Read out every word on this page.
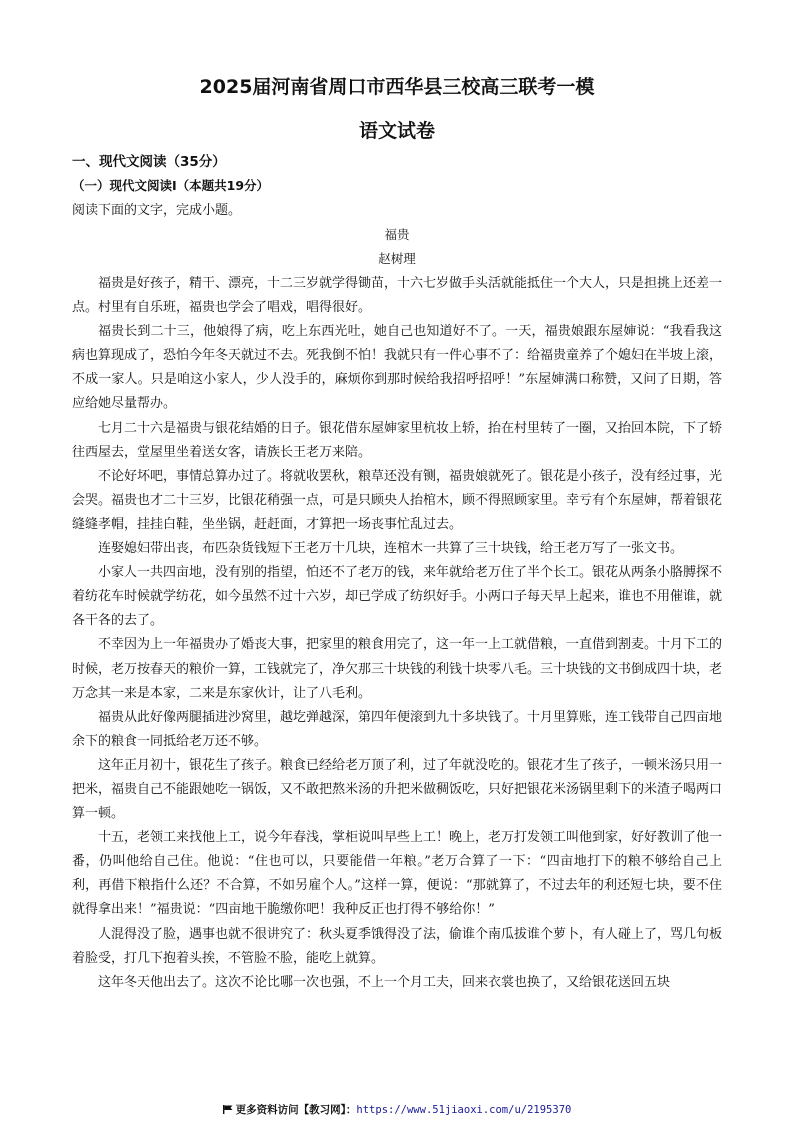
2025届河南省周口市西华县三校高三联考一模
语文试卷
一、现代文阅读（35分）
（一）现代文阅读Ⅰ（本题共19分）
阅读下面的文字，完成小题。
福贵
赵树理

福贵是好孩子，精干、漂亮，十二三岁就学得锄苗，十六七岁做手头活就能抵住一个大人，只是担挑上还差一点。村里有自乐班，福贵也学会了唱戏，唱得很好。

福贵长到二十三，他娘得了病，吃上东西光吐，她自己也知道好不了。一天，福贵娘跟东屋婶说：“我看我这病也算现成了，恐怕今年冬天就过不去。死我倒不怕！我就只有一件心事不了：给福贵童养了个媳妇在半坡上滚，不成一家人。只是咱这小家人，少人没手的，麻烦你到那时候给我招呼招呼！”东屋婶满口称赞，又问了日期，答应给她尽量帮办。

七月二十六是福贵与银花结婚的日子。银花借东屋婶家里杭妆上轿，抬在村里转了一圈，又抬回本院，下了轿往西屋去，堂屋里坐着送女客，请族长王老万来陪。

不论好坏吧，事情总算办过了。将就收罢秋，粮草还没有铡，福贵娘就死了。银花是小孩子，没有经过事，光会哭。福贵也才二十三岁，比银花稍强一点，可是只顾央人抬棺木，顾不得照顾家里。幸亏有个东屋婶，帮着银花缝缝孝帽，挂挂白鞋，坐坐锅，赶赶面，才算把一场丧事忙乱过去。

连娶媳妇带出丧，布匹杂货钱短下王老万十几块，连棺木一共算了三十块钱，给王老万写了一张文书。

小家人一共四亩地，没有别的指望，怕还不了老万的钱，来年就给老万住了半个长工。银花从两条小胳膊探不着纺花车时候就学纺花，如今虽然不过十六岁，却已学成了纺织好手。小两口子每天早上起来，谁也不用催谁，就各干各的去了。

不幸因为上一年福贵办了婚丧大事，把家里的粮食用完了，这一年一上工就借粮，一直借到割麦。十月下工的时候，老万按春天的粮价一算，工钱就完了，净欠那三十块钱的利钱十块零八毛。三十块钱的文书倒成四十块，老万念其一来是本家，二来是东家伙计，让了八毛利。

福贵从此好像两腿插进沙窝里，越圪弹越深，第四年便滚到九十多块钱了。十月里算账，连工钱带自己四亩地余下的粮食一同抵给老万还不够。

这年正月初十，银花生了孩子。粮食已经给老万顶了利，过了年就没吃的。银花才生了孩子，一顿米汤只用一把米，福贵自己不能跟她吃一锅饭，又不敢把熬米汤的升把米做稠饭吃，只好把银花米汤锅里剩下的米渣子喝两口算一顿。

十五，老领工来找他上工，说今年春浅，掌柜说叫早些上工！晚上，老万打发领工叫他到家，好好教训了他一番，仍叫他给自己住。他说：“住也可以，只要能借一年粮。”老万合算了一下：“四亩地打下的粮不够给自己上利，再借下粮指什么还？不合算，不如另雇个人。”这样一算，便说：“那就算了，不过去年的利还短七块，要不住就得拿出来！”福贵说：“四亩地干脆缴你吧！我种反正也打得不够给你！”

人混得没了脸，遇事也就不很讲究了：秋头夏季饿得没了法，偷谁个南瓜拔谁个萝卜，有人碰上了，骂几句板着脸受，打几下抱着头挨，不管脸不脸，能吃上就算。

这年冬天他出去了。这次不论比哪一次也强，不上一个月工夫，回来衣裳也换了，又给银花送回五块

更多资料访问【教习网】：https://www.51jiaoxi.com/u/2195370
